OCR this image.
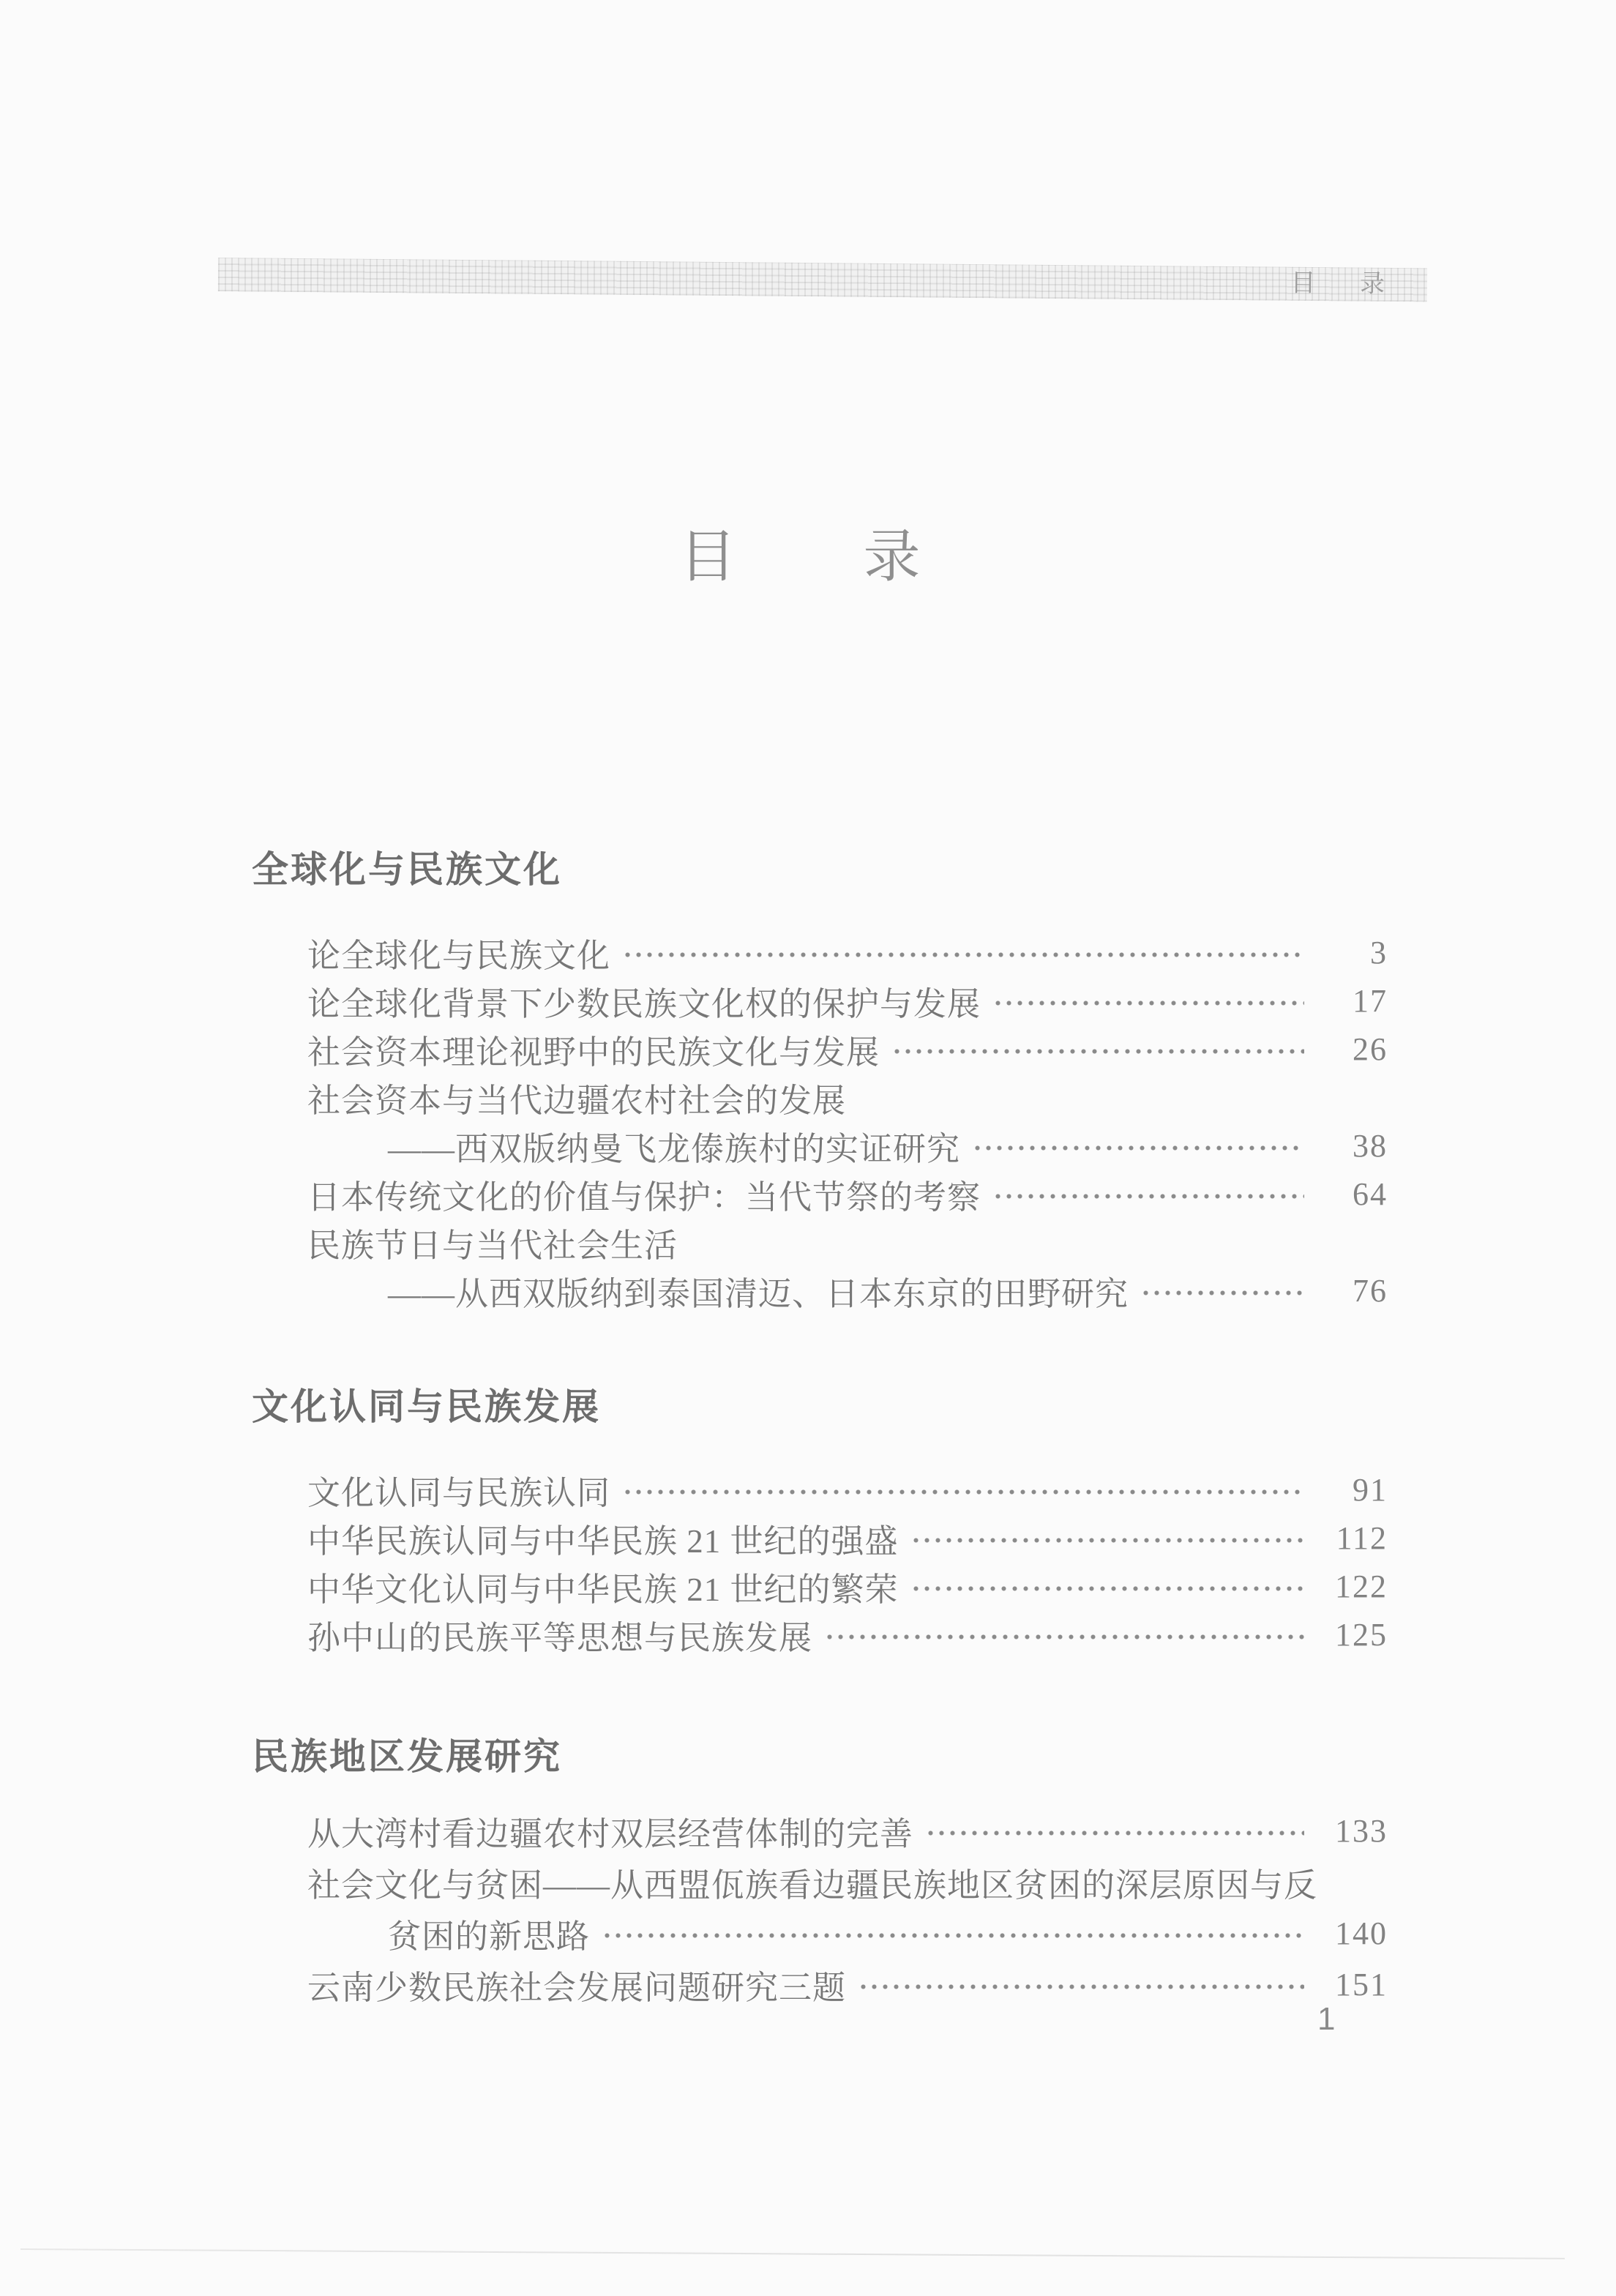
目 录
目 录
全球化与民族文化
论全球化与民族文化	3
论全球化背景下少数民族文化权的保护与发展	17
社会资本理论视野中的民族文化与发展	26
社会资本与当代边疆农村社会的发展
——西双版纳曼飞龙傣族村的实证研究	38
日本传统文化的价值与保护：当代节祭的考察	64
民族节日与当代社会生活
——从西双版纳到泰国清迈、日本东京的田野研究	76
文化认同与民族发展
文化认同与民族认同	91
中华民族认同与中华民族 21 世纪的强盛	112
中华文化认同与中华民族 21 世纪的繁荣	122
孙中山的民族平等思想与民族发展	125
民族地区发展研究
从大湾村看边疆农村双层经营体制的完善	133
社会文化与贫困——从西盟佤族看边疆民族地区贫困的深层原因与反
贫困的新思路	140
云南少数民族社会发展问题研究三题	151
1
